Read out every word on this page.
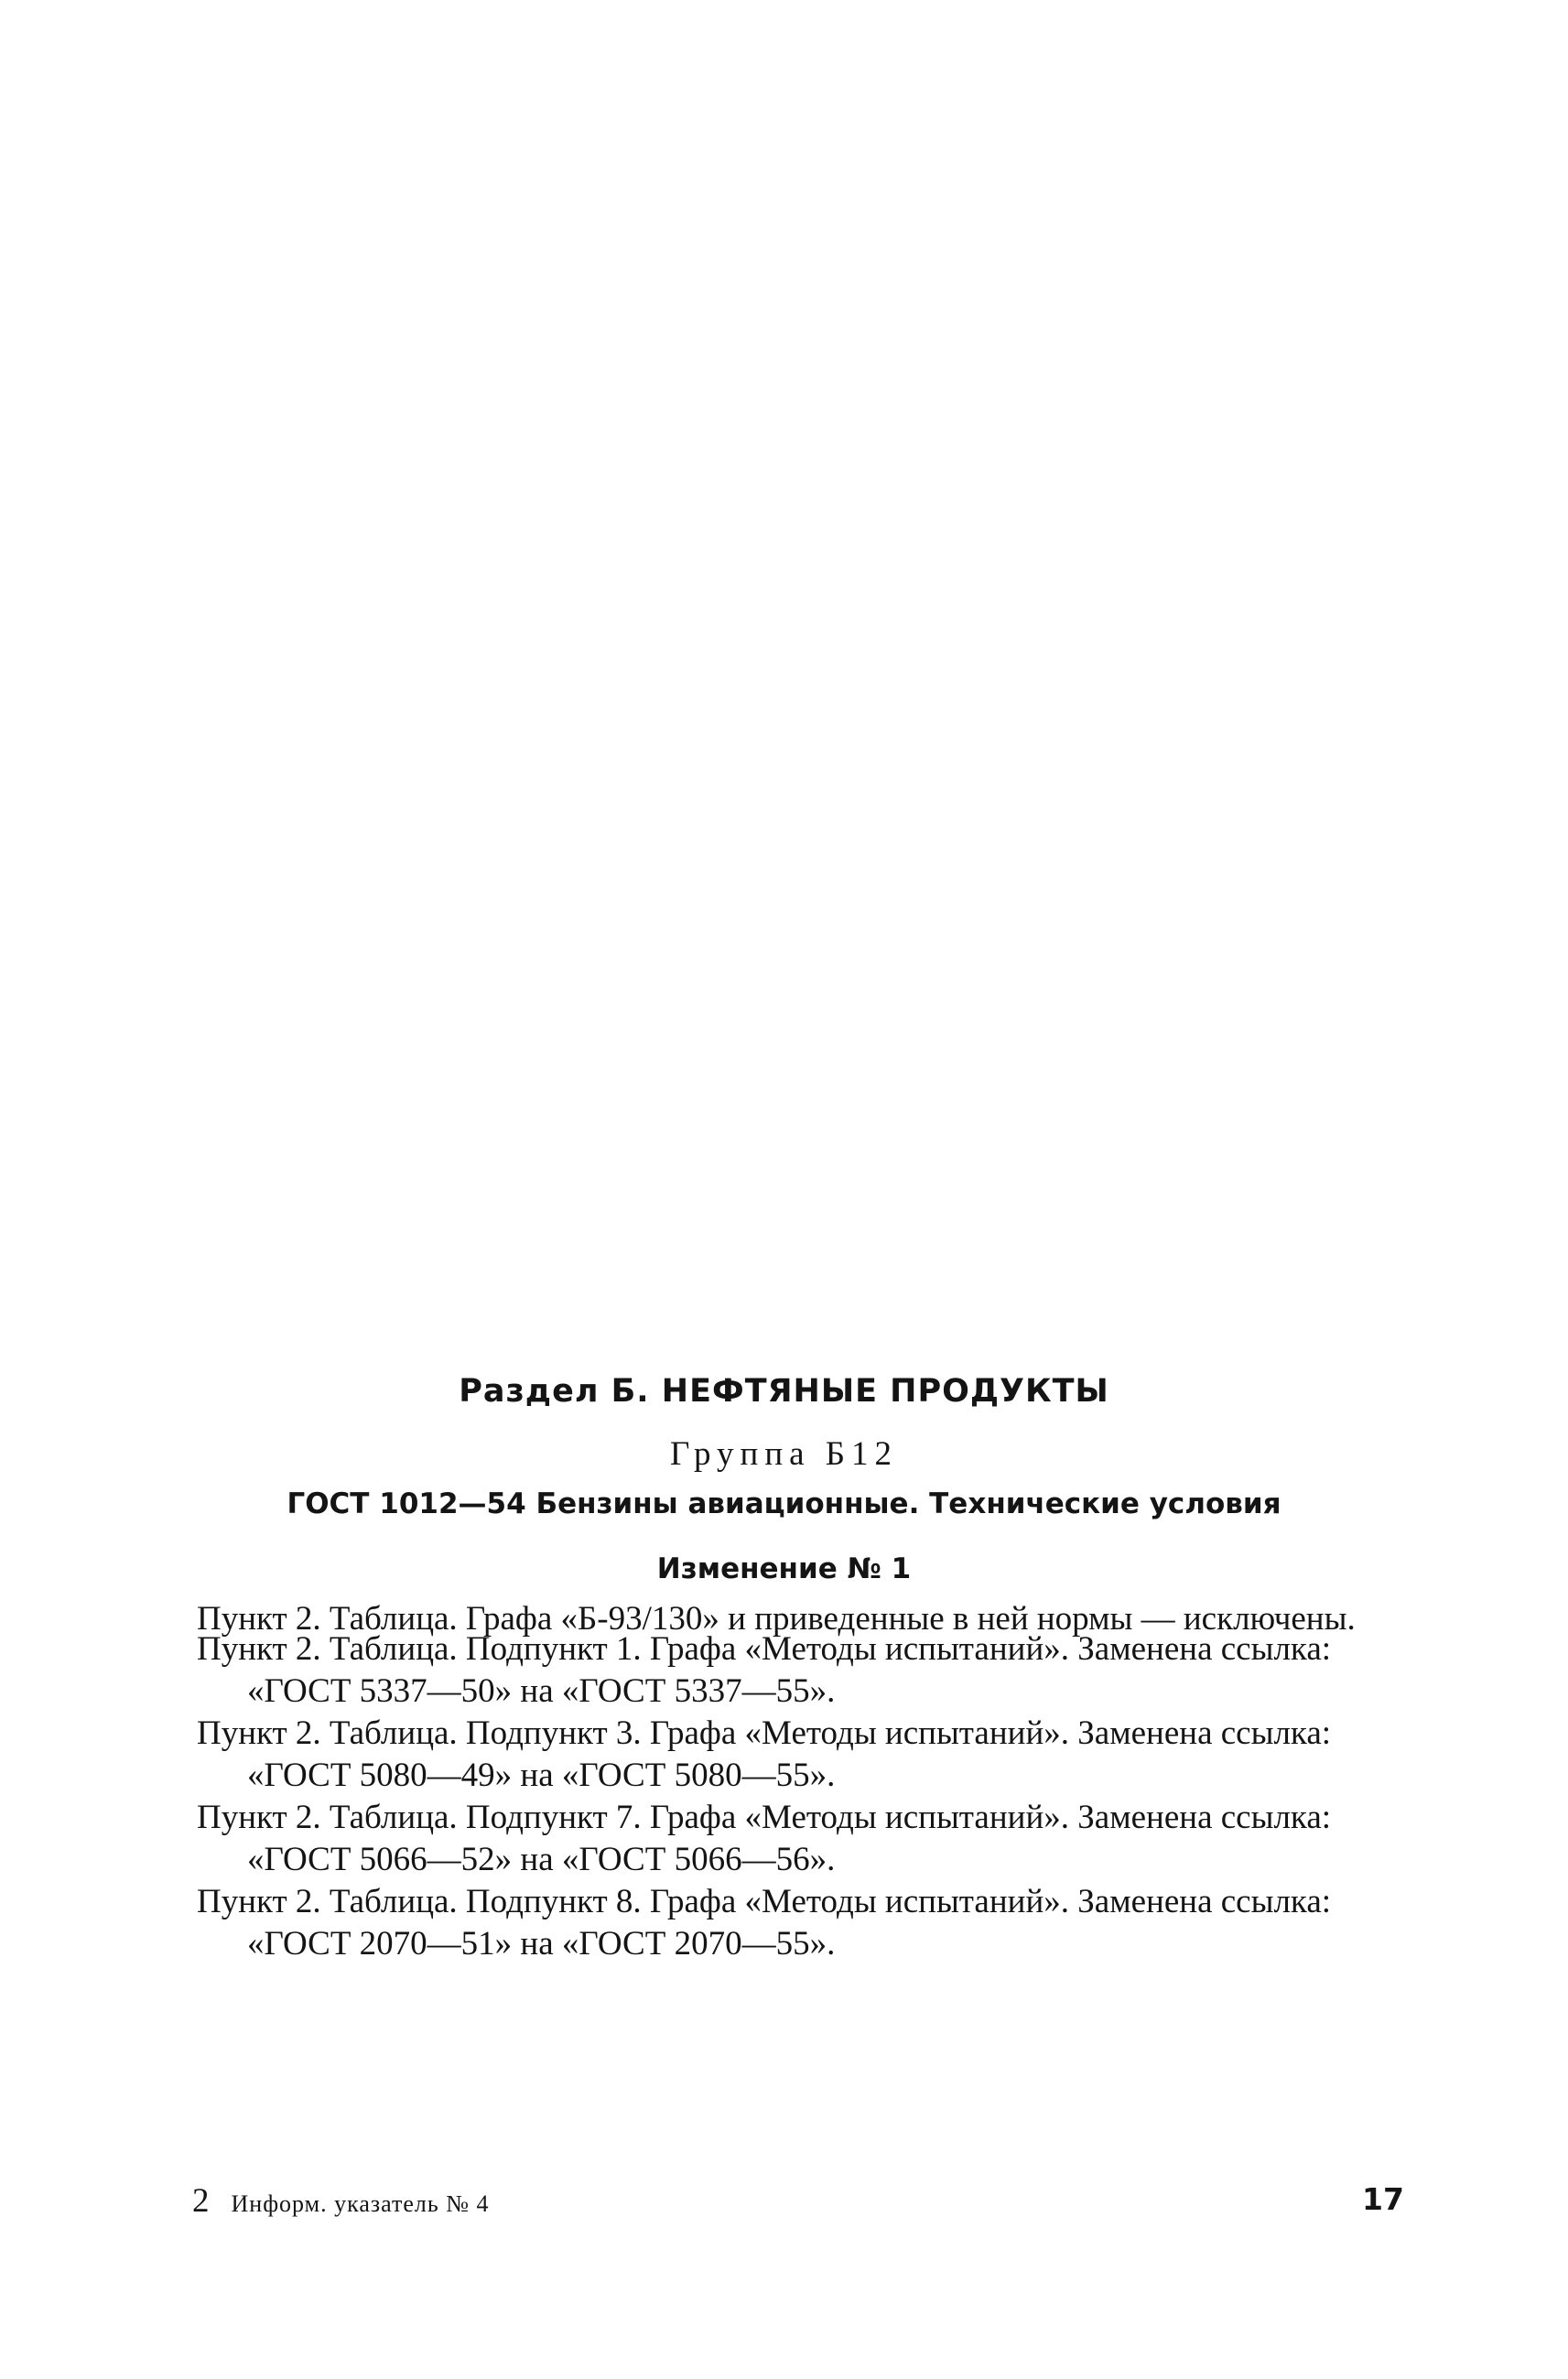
Раздел Б. НЕФТЯНЫЕ ПРОДУКТЫ
Группа Б12
ГОСТ 1012—54 Бензины авиационные. Технические условия
Изменение № 1

Пункт 2. Таблица. Графа «Б-93/130» и приведенные в ней нормы — исключены.

Пункт 2. Таблица. Подпункт 1. Графа «Методы испытаний». Заменена ссылка:

«ГОСТ 5337—50» на «ГОСТ 5337—55».

Пункт 2. Таблица. Подпункт 3. Графа «Методы испытаний». Заменена ссылка:

«ГОСТ 5080—49» на «ГОСТ 5080—55».

Пункт 2. Таблица. Подпункт 7. Графа «Методы испытаний». Заменена ссылка:

«ГОСТ 5066—52» на «ГОСТ 5066—56».

Пункт 2. Таблица. Подпункт 8. Графа «Методы испытаний». Заменена ссылка:

«ГОСТ 2070—51» на «ГОСТ 2070—55».

2 Информ. указатель № 4	17
